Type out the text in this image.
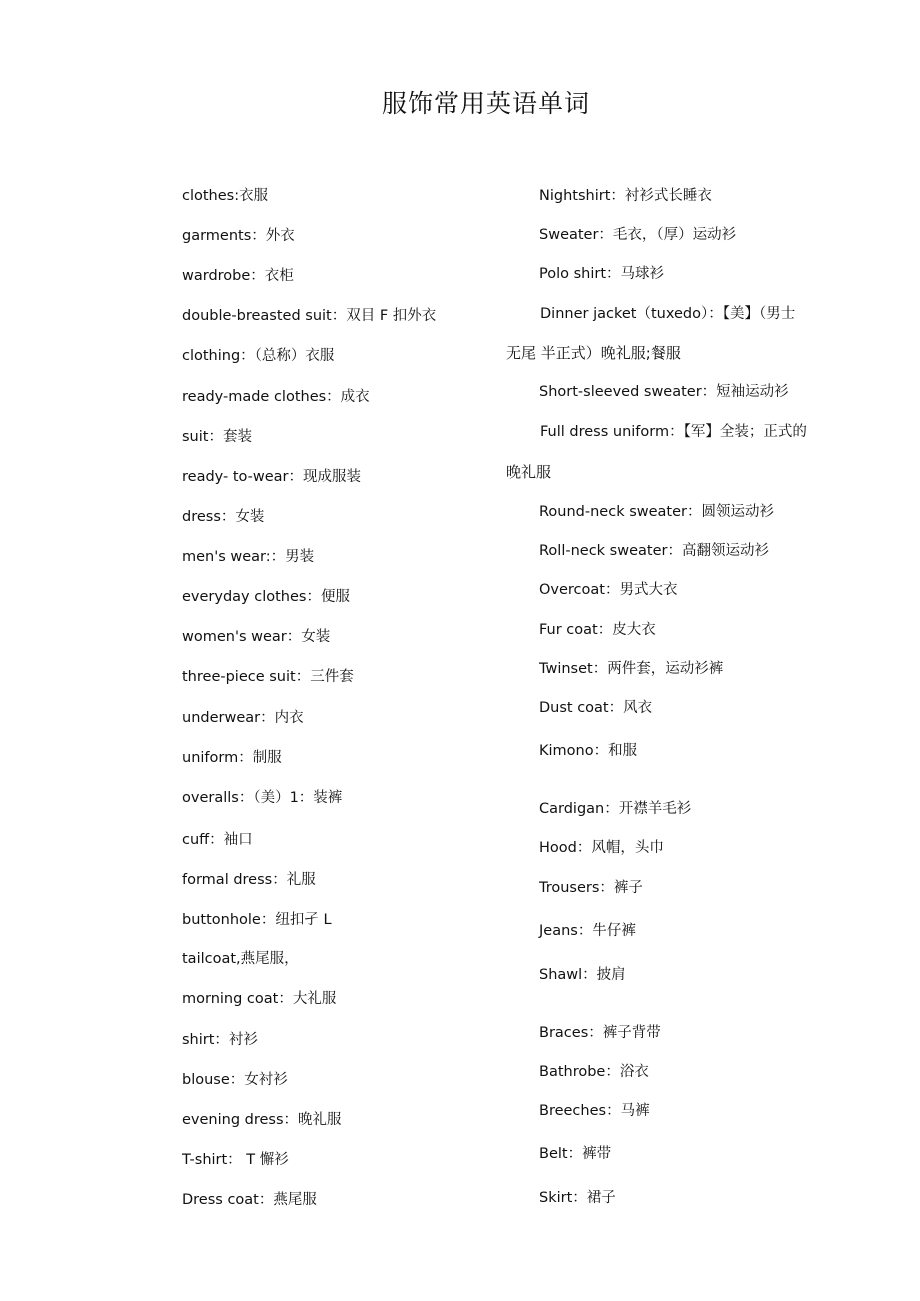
服饰常用英语单词
clothes:衣服
garments：外衣
wardrobe：衣柜
double-breasted suit：双目 F 扣外衣
clothing：（总称）衣服
ready-made clothes：成衣
suit：套装
ready- to-wear：现成服装
dress：女装
men's wear:：男装
everyday clothes：便服
women's wear：女装
three-piece suit：三件套
underwear：内衣
uniform：制服
overalls：（美）1：装裤
cuff：袖口
formal dress：礼服
buttonhole：纽扣孑 L
tailcoat,燕尾服，
morning coat：大礼服
shirt：衬衫
blouse：女衬衫
evening dress：晚礼服
T-shirt： T 懈衫
Dress coat：燕尾服
Nightshirt：衬衫式长睡衣
Sweater：毛衣，（厚）运动衫
Polo shirt：马球衫
Dinner jacket（tuxedo）：【美】（男士
无尾 半正式）晚礼服;餐服
Short-sleeved sweater：短袖运动衫
Full dress uniform：【军】全装；正式的
晚礼服
Round-neck sweater：圆领运动衫
Roll-neck sweater：高翻领运动衫
Overcoat：男式大衣
Fur coat：皮大衣
Twinset：两件套，运动衫裤
Dust coat：风衣
Kimono：和服
Cardigan：开襟羊毛衫
Hood：风帽，头巾
Trousers：裤子
Jeans：牛仔裤
Shawl：披肩
Braces：裤子背带
Bathrobe：浴衣
Breeches：马裤
Belt：裤带
Skirt：裙子
